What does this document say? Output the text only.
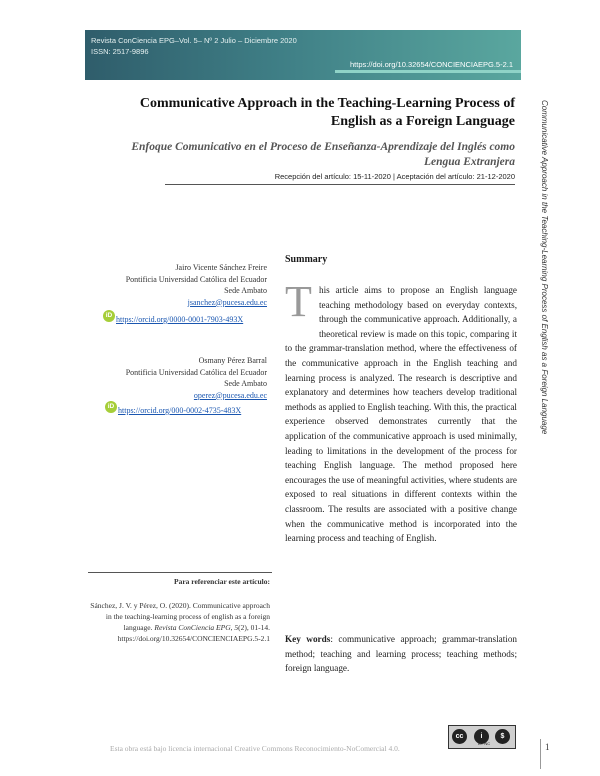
Revista ConCiencia EPG–Vol. 5– Nº 2 Julio – Diciembre 2020
ISSN: 2517-9896
https://doi.org/10.32654/CONCIENCIAEPG.5-2.1
Communicative Approach in the Teaching-Learning Process of English as a Foreign Language
Enfoque Comunicativo en el Proceso de Enseñanza-Aprendizaje del Inglés como Lengua Extranjera
Recepción del artículo: 15-11-2020 | Aceptación del artículo: 21-12-2020	Communicative Approach in the Teaching-Learning Process of English as a Foreign Language
Jairo Vicente Sánchez Freire
Pontificia Universidad Católica del Ecuador
Sede Ambato
jsanchez@pucesa.edu.ec
iD https://orcid.org/0000-0001-7903-493X
Osmany Pérez Barral
Pontificia Universidad Católica del Ecuador
Sede Ambato
operez@pucesa.edu.ec
iD https://orcid.org/000-0002-4735-483X
Summary
T his article aims to propose an English language teaching methodology based on everyday contexts, through the communicative approach. Additionally, a theoretical review is made on this topic, comparing it to the grammar-translation method, where the effectiveness of the communicative approach in the English teaching and learning process is analyzed. The research is descriptive and explanatory and determines how teachers develop traditional methods as applied to English teaching. With this, the practical experience observed demonstrates currently that the application of the communicative approach is used minimally, leading to limitations in the development of the process for teaching English language. The method proposed here encourages the use of meaningful activities, where students are exposed to real situations in different contexts within the classroom. The results are associated with a positive change when the communicative method is incorporated into the learning process and teaching of English.
Key words: communicative approach; grammar-translation method; teaching and learning process; teaching methods; foreign language.
Para referenciar este artículo:
Sánchez, J. V. y Pérez, O. (2020). Communicative approach in the teaching-learning process of english as a foreign language. Revista ConCiencia EPG, 5(2), 01-14. https://doi.org/10.32654/CONCIENCIAEPG.5-2.1
cc	i	$
BY NC
Esta obra está bajo licencia internacional Creative Commons Reconocimiento-NoComercial 4.0.	1
